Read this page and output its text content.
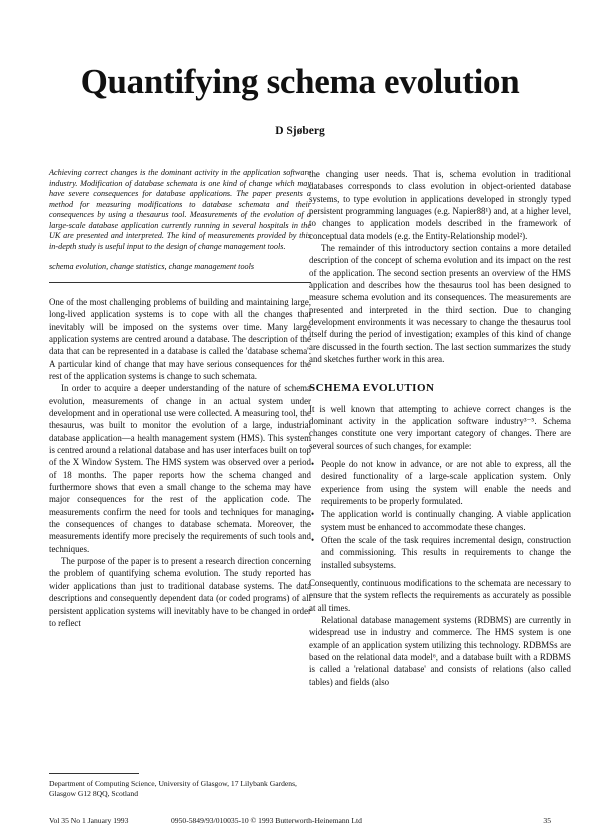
Quantifying schema evolution
D Sjøberg

Achieving correct changes is the dominant activity in the application software industry. Modification of database schemata is one kind of change which may have severe consequences for database applications. The paper presents a method for measuring modifications to database schemata and their consequences by using a thesaurus tool. Measurements of the evolution of a large-scale database application currently running in several hospitals in the UK are presented and interpreted. The kind of measurements provided by this in-depth study is useful input to the design of change management tools.

schema evolution, change statistics, change management tools

One of the most challenging problems of building and maintaining large, long-lived application systems is to cope with all the changes that inevitably will be imposed on the systems over time. Many large application systems are centred around a database. The description of the data that can be represented in a database is called the 'database schema'. A particular kind of change that may have serious consequences for the rest of the application systems is change to such schemata.

In order to acquire a deeper understanding of the nature of schema evolution, measurements of change in an actual system under development and in operational use were collected. A measuring tool, the thesaurus, was built to monitor the evolution of a large, industrial database application—a health management system (HMS). This system is centred around a relational database and has user interfaces built on top of the X Window System. The HMS system was observed over a period of 18 months. The paper reports how the schema changed and furthermore shows that even a small change to the schema may have major consequences for the rest of the application code. The measurements confirm the need for tools and techniques for managing the consequences of changes to database schemata. Moreover, the measurements identify more precisely the requirements of such tools and techniques.

The purpose of the paper is to present a research direction concerning the problem of quantifying schema evolution. The study reported has wider applications than just to traditional database systems. The data descriptions and consequently dependent data (or coded programs) of all persistent application systems will inevitably have to be changed in order to reflect

the changing user needs. That is, schema evolution in traditional databases corresponds to class evolution in object-oriented database systems, to type evolution in applications developed in strongly typed persistent programming languages (e.g. Napier88¹) and, at a higher level, to changes to application models described in the framework of conceptual data models (e.g. the Entity-Relationship model²).

The remainder of this introductory section contains a more detailed description of the concept of schema evolution and its impact on the rest of the application. The second section presents an overview of the HMS application and describes how the thesaurus tool has been designed to measure schema evolution and its consequences. The measurements are presented and interpreted in the third section. Due to changing development environments it was necessary to change the thesaurus tool itself during the period of investigation; examples of this kind of change are discussed in the fourth section. The last section summarizes the study and sketches further work in this area.

SCHEMA EVOLUTION

It is well known that attempting to achieve correct changes is the dominant activity in the application software industry³⁻⁵. Schema changes constitute one very important category of changes. There are several sources of such changes, for example:

• People do not know in advance, or are not able to express, all the desired functionality of a large-scale application system. Only experience from using the system will enable the needs and requirements to be properly formulated.
• The application world is continually changing. A viable application system must be enhanced to accommodate these changes.
• Often the scale of the task requires incremental design, construction and commissioning. This results in requirements to change the installed subsystems.

Consequently, continuous modifications to the schemata are necessary to ensure that the system reflects the requirements as accurately as possible at all times.

Relational database management systems (RDBMS) are currently in widespread use in industry and commerce. The HMS system is one example of an application system utilizing this technology. RDBMSs are based on the relational data model⁶, and a database built with a RDBMS is called a 'relational database' and consists of relations (also called tables) and fields (also

Department of Computing Science, University of Glasgow, 17 Lilybank Gardens, Glasgow G12 8QQ, Scotland

Vol 35 No 1 January 1993	0950-5849/93/010035-10 © 1993 Butterworth-Heinemann Ltd	35
